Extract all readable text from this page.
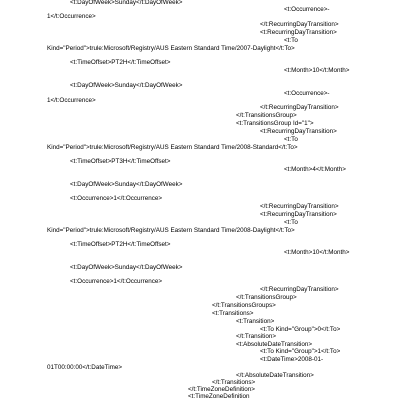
<t:DayOfWeek>Sunday</t:DayOfWeek>
<t:Occurrence>-
1</t:Occurrence>
</t:RecurringDayTransition>
<t:RecurringDayTransition>
<t:To
Kind="Period">trule:Microsoft/Registry/AUS Eastern Standard Time/2007-Daylight</t:To>
<t:TimeOffset>PT2H</t:TimeOffset>
<t:Month>10</t:Month>
<t:DayOfWeek>Sunday</t:DayOfWeek>
<t:Occurrence>-
1</t:Occurrence>
</t:RecurringDayTransition>
</t:TransitionsGroup>
<t:TransitionsGroup Id="1">
<t:RecurringDayTransition>
<t:To
Kind="Period">trule:Microsoft/Registry/AUS Eastern Standard Time/2008-Standard</t:To>
<t:TimeOffset>PT3H</t:TimeOffset>
<t:Month>4</t:Month>
<t:DayOfWeek>Sunday</t:DayOfWeek>
<t:Occurrence>1</t:Occurrence>
</t:RecurringDayTransition>
<t:RecurringDayTransition>
<t:To
Kind="Period">trule:Microsoft/Registry/AUS Eastern Standard Time/2008-Daylight</t:To>
<t:TimeOffset>PT2H</t:TimeOffset>
<t:Month>10</t:Month>
<t:DayOfWeek>Sunday</t:DayOfWeek>
<t:Occurrence>1</t:Occurrence>
</t:RecurringDayTransition>
</t:TransitionsGroup>
</t:TransitionsGroups>
<t:Transitions>
<t:Transition>
<t:To Kind="Group">0</t:To>
</t:Transition>
<t:AbsoluteDateTransition>
<t:To Kind="Group">1</t:To>
<t:DateTime>2008-01-
01T00:00:00</t:DateTime>
</t:AbsoluteDateTransition>
</t:Transitions>
</t:TimeZoneDefinition>
<t:TimeZoneDefinition
